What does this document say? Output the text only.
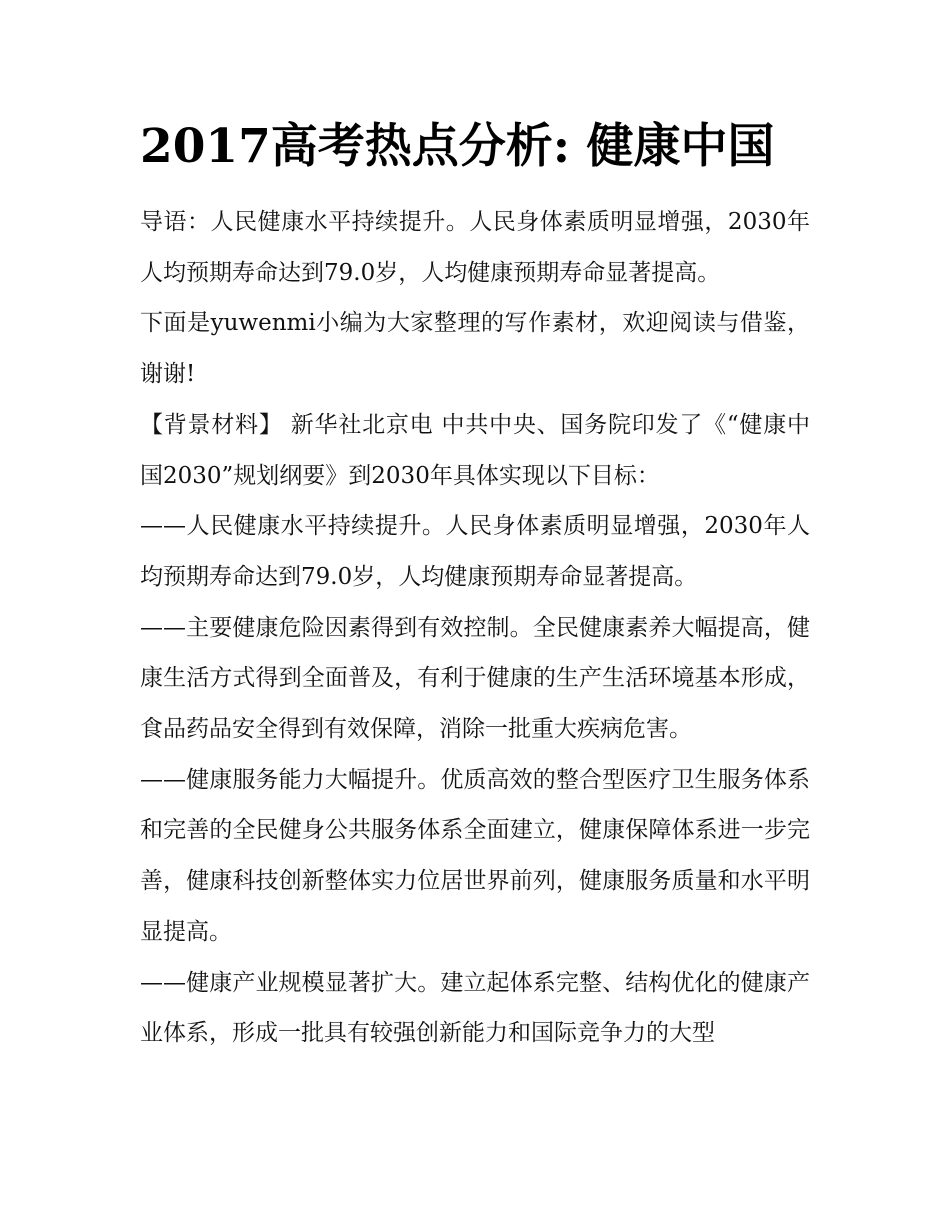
2017高考热点分析: 健康中国

导语：人民健康水平持续提升。人民身体素质明显增强，2030年人均预期寿命达到79.0岁，人均健康预期寿命显著提高。

下面是yuwenmi小编为大家整理的写作素材，欢迎阅读与借鉴，谢谢!

【背景材料】 新华社北京电 中共中央、国务院印发了《“健康中国2030”规划纲要》到2030年具体实现以下目标：

——人民健康水平持续提升。人民身体素质明显增强，2030年人均预期寿命达到79.0岁，人均健康预期寿命显著提高。

——主要健康危险因素得到有效控制。全民健康素养大幅提高，健康生活方式得到全面普及，有利于健康的生产生活环境基本形成，食品药品安全得到有效保障，消除一批重大疾病危害。

——健康服务能力大幅提升。优质高效的整合型医疗卫生服务体系和完善的全民健身公共服务体系全面建立，健康保障体系进一步完善，健康科技创新整体实力位居世界前列，健康服务质量和水平明显提高。

——健康产业规模显著扩大。建立起体系完整、结构优化的健康产业体系，形成一批具有较强创新能力和国际竞争力的大型
